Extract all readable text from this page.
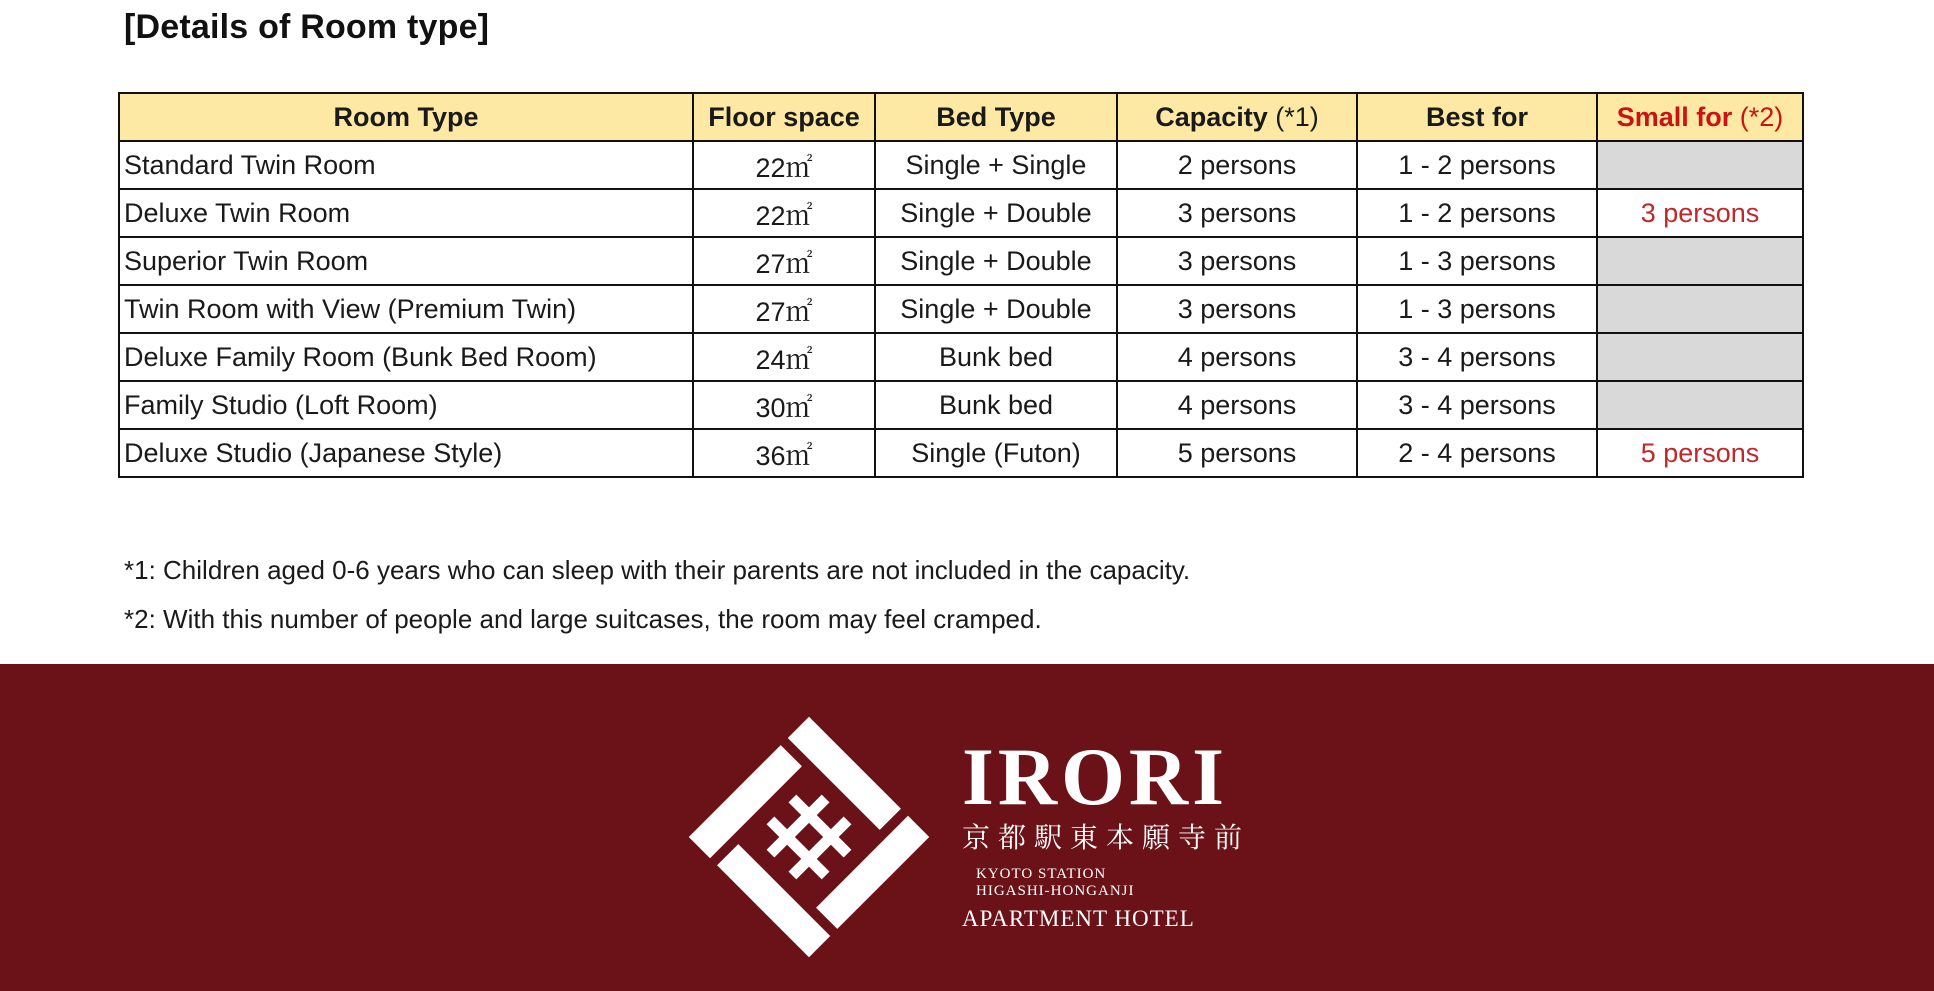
[Details of Room type]
Room Type	Floor space	Bed Type	Capacity (*1)	Best for	Small for (*2)
Standard Twin Room	22㎡	Single + Single	2 persons	1 - 2 persons	
Deluxe Twin Room	22㎡	Single + Double	3 persons	1 - 2 persons	3 persons
Superior Twin Room	27㎡	Single + Double	3 persons	1 - 3 persons	
Twin Room with View (Premium Twin)	27㎡	Single + Double	3 persons	1 - 3 persons	
Deluxe Family Room (Bunk Bed Room)	24㎡	Bunk bed	4 persons	3 - 4 persons	
Family Studio (Loft Room)	30㎡	Bunk bed	4 persons	3 - 4 persons	
Deluxe Studio (Japanese Style)	36㎡	Single (Futon)	5 persons	2 - 4 persons	5 persons
*1: Children aged 0-6 years who can sleep with their parents are not included in the capacity.
*2: With this number of people and large suitcases, the room may feel cramped.
IRORI
京都駅東本願寺前
KYOTO STATION
HIGASHI-HONGANJI
APARTMENT HOTEL
